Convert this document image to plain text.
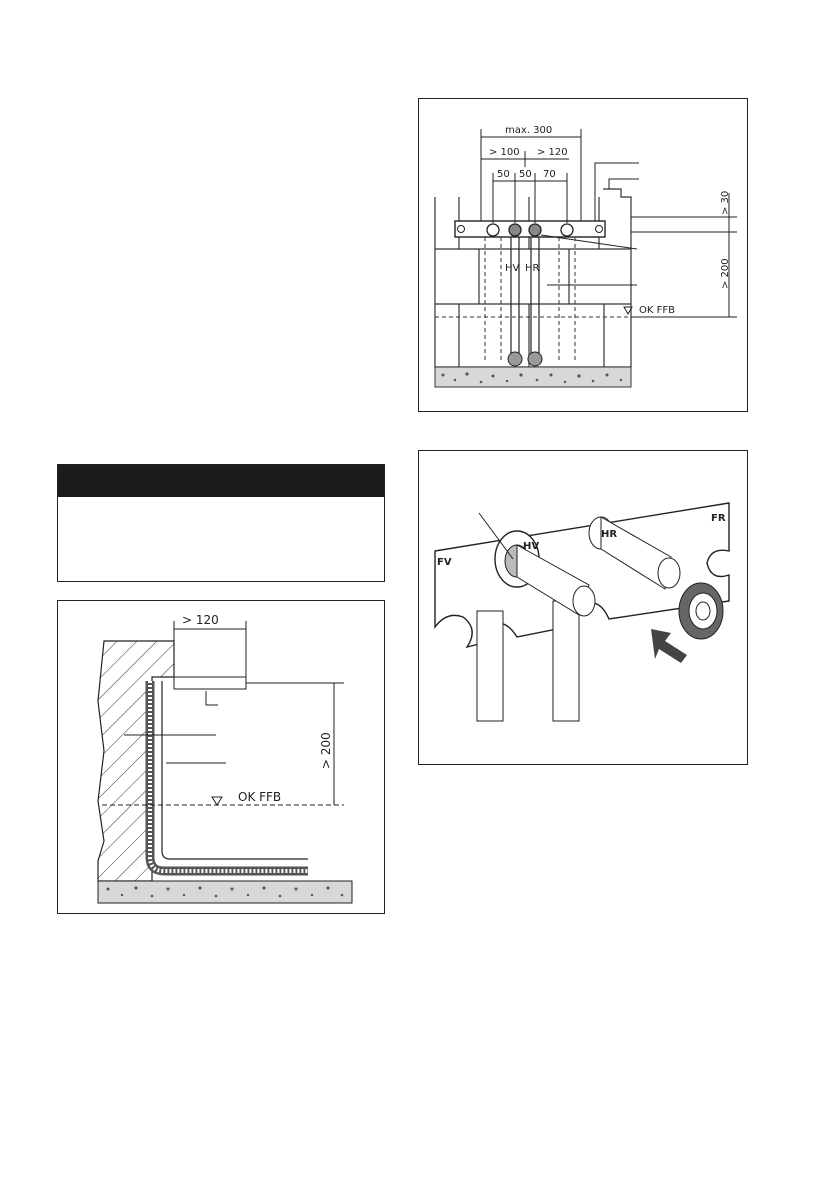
max. 300
> 100 > 120
50 50 70
HV HR
OK FFB
> 30
> 200
FV
HV
HR
FR
> 120
OK FFB
> 200
